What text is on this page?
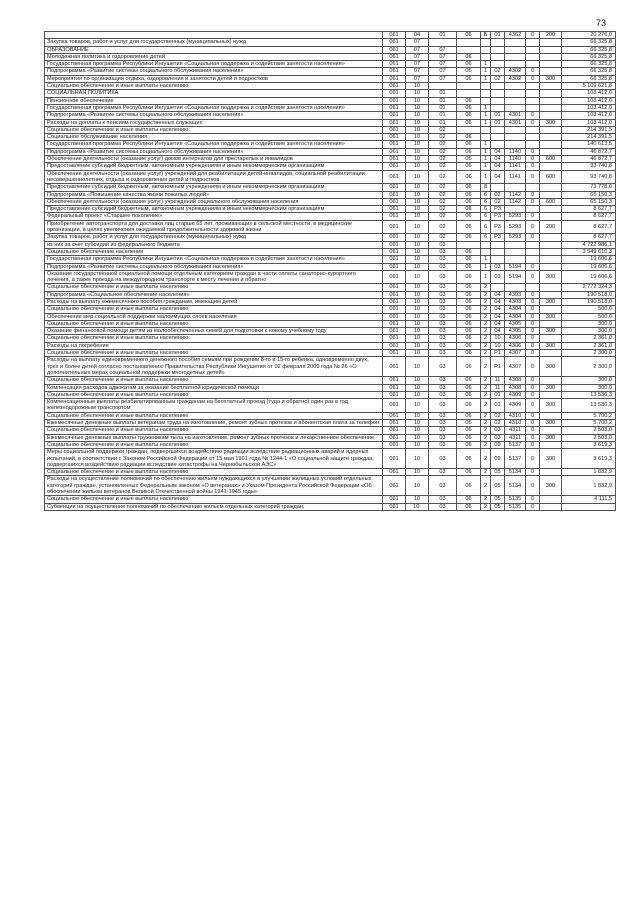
73
	061	04	01	06	Б	01	4362	0	200	20 276,0
Закупка товаров, работ и услуг для государственных (муниципальных) нужд	061	07								66 325,8
ОБРАЗОВАНИЕ	061	07	07							66 325,8
Молодежная политика и оздоровление детей	061	07	07	06						66 325,8
Государственная программа Республики Ингушетия «Социальная поддержка и содействие занятости населения»	061	07	07	06	1					66 325,8
Подпрограмма «Развитие системы социального обслуживания населения»	061	07	07	06	1	02	4302	0		66 325,8
Мероприятия по организации отдыха, оздоровления и занятости детей и подростков	061	07	07	06	1	02	4302	0	300	66 325,8
Социальное обеспечение и иные выплаты населению	061	10								5 109 621,8
СОЦИАЛЬНАЯ ПОЛИТИКА	061	10	01							103 412,0
Пенсионное обеспечение	061	10	01	06						103 412,0
Государственная программа Республики Ингушетия «Социальная поддержка и содействие занятости населения»	061	10	01	06	1					103 412,0
Подпрограмма «Развитие системы социального обслуживания населения»	061	10	01	06	1	01	4301	0		103 412,0
Расходы на доплаты к пенсиям государственных служащих	061	10	01	06	1	01	4301	0	300	103 412,0
Социальное обеспечение и иные выплаты населению	061	10	02							214 391,5
Социальное обслуживание населения	061	10	02	06						214 391,5
Государственная программа Республики Ингушетия «Социальная поддержка и содействие занятости населения»	061	10	02	06	1					140 613,5
Подпрограмма «Развитие системы социального обслуживания населения»	061	10	02	06	1	04	1140	0		46 872,7
Обеспечение деятельности (оказание услуг) домов интернатов для престарелых и инвалидов	061	10	02	06	1	04	1140	0	600	46 872,7
Предоставление субсидий бюджетным, автономным учреждениям и иным некоммерческим организациям	061	10	02	06	1	04	1141	0		93 740,8
Обеспечение деятельности (оказание услуг) учреждений для реабилитации детей-инвалидов, социальной реабилитации несовершеннолетних, отдыха и оздоровления детей и подростков	061	10	02	06	1	04	1141	0	600	93 740,8
Предоставление субсидий бюджетным, автономным учреждениям и иным некоммерческим организациям	061	10	02	06	8					73 778,0
Подпрограмма «Повышение качества жизни пожилых людей»	061	10	02	06	6	02	1142	0		65 150,3
Обеспечение деятельности (оказание услуг) учреждений социального обслуживания населения	061	10	02	06	6	02	1142	0	600	65 150,3
Предоставление субсидий бюджетным, автономным учреждениям и иным некоммерческим организациям	061	10	02	06	6	P3				8 627,7
Федеральный проект «Старшее поколение»	061	10	02	06	6	P3	5293	0		8 627,7
Приобретение автотранспорта для доставки лиц старше 65 лет, проживающих в сельской местности, в медицинские организации, в целях увеличения ожидаемой продолжительности здоровой жизни	061	10	02	06	6	P3	5293	0	200	8 627,7
Закупка товаров, работ и услуг для государственных (муниципальных) нужд	061	10	02	06	6	P3	5293	0		8 627,7
из них за счет субсидии из федерального бюджета	061	10	03							4 722 986,1
Социальное обеспечение населения	061	10	03	06						3 549 610,3
Государственная программа Республики Ингушетия «Социальная поддержка и содействие занятости населения»	061	10	03	06	1					19 606,6
Подпрограмма «Развитие системы социального обслуживания населения»	061	10	03	06	1	03	5194	0		19 606,6
Оказание государственной социальной помощи отдельным категориям граждан в части оплаты санаторно-курортного лечения, а также проезда на междугородном транспорте к месту лечения и обратно	061	10	03	06	1	03	5194	0	300	19 606,6
Социальное обеспечение и иные выплаты населению	061	10	03	06	2					2 772 324,3
Подпрограмма «Социальное обеспечение населения»	061	10	03	06	2	04	4303	0		190 518,0
Расходы на выплату ежемесячного пособия гражданам, имеющим детей	061	10	03	06	2	04	4303	0	300	190 518,0
Социальное обеспечение и иные выплаты населению	061	10	03	06	2	04	4304	0		500,0
Обеспечение мер социальной поддержки малоимущих слоев населения	061	10	03	06	2	04	4304	0	300	500,0
Социальное обеспечение и иные выплаты населению	061	10	03	06	2	04	4305	0		300,0
Оказание финансовой помощи детям из малообеспеченных семей для подготовки к новому учебному году	061	10	03	06	2	04	4305	0	300	300,0
Социальное обеспечение и иные выплаты населению	061	10	03	06	2	10	4306	0		2 361,0
Расходы на погребение	061	10	03	06	2	10	4306	0	300	2 361,0
Социальное обеспечение и иные выплаты населению	061	10	03	06	2	P1	4307	0		2 300,0
Расходы на выплату единовременного денежного пособия семьям при рождении 8-го и 15-го ребенка, одновременно двух, трех и более детей согласно постановлению Правительства Республики Ингушетия от 02 февраля 2009 года № 26 «О дополнительных мерах социальной поддержки многодетных детей»	061	10	03	06	2	P1	4307	0	300	2 300,0
Социальное обеспечение и иные выплаты населению	061	10	03	06	2	11	4308	0		300,0
Компенсация расходов адвокатам за оказание бесплатной юридической помощи	061	10	03	06	2	11	4308	0	300	300,0
Социальное обеспечение и иные выплаты населению	061	10	03	06	2	01	4309	0		13 536,3
Компенсационные выплаты реабилитированным гражданам на бесплатный проезд (туда и обратно) один раз в год железнодорожным транспортом	061	10	03	06	2	01	4309	0	300	13 536,3
Социальное обеспечение и иные выплаты населению	061	10	03	06	2	02	4310	0		5 700,2
Ежемесячные денежные выплаты ветеранам труда на изготовление, ремонт зубных протезов и абонентская плата за телефон	061	10	03	06	2	02	4310	0	300	5 700,2
Социальное обеспечение и иные выплаты населению	061	10	03	06	2	03	4311	0		2 503,0
Ежемесячные денежные выплаты труженикам тыла на изготовление, ремонт зубных протезов и лекарственное обеспечение	061	10	03	06	2	03	4311	0	300	2 503,0
Социальное обеспечение и иные выплаты населению	061	10	03	06	2	09	5137	0		3 619,3
Меры социальной поддержки граждан, подвергшихся воздействию радиации вследствие радиационных аварий и ядерных испытаний, в соответствии с Законом Российской Федерации от 15 мая 1991 года № 1244-1 «О социальной защите граждан, подвергшихся воздействию радиации вследствие катастрофы на Чернобыльской АЭС»	061	10	03	06	2	09	5137	0	300	3 619,3
Социальное обеспечение и иные выплаты населению	061	10	03	06	2	05	5134	0		1 832,9
Расходы на осуществление полномочий по обеспечению жильем нуждающихся в улучшении жилищных условий отдельных категорий граждан, установленных Федеральным законом «О ветеранах» и Указом Президента Российской Федерации «Об обеспечении жильем ветеранов Великой Отечественной войны 1941-1945 годы»	061	10	03	06	2	05	5134	0	300	1 832,9
Социальное обеспечение и иные выплаты населению	061	10	03	06	2	05	5135	0		4 111,5
Субвенции на осуществление полномочий по обеспечению жильем отдельных категорий граждан,	061	10·	03	06	2	05	5135	0		
